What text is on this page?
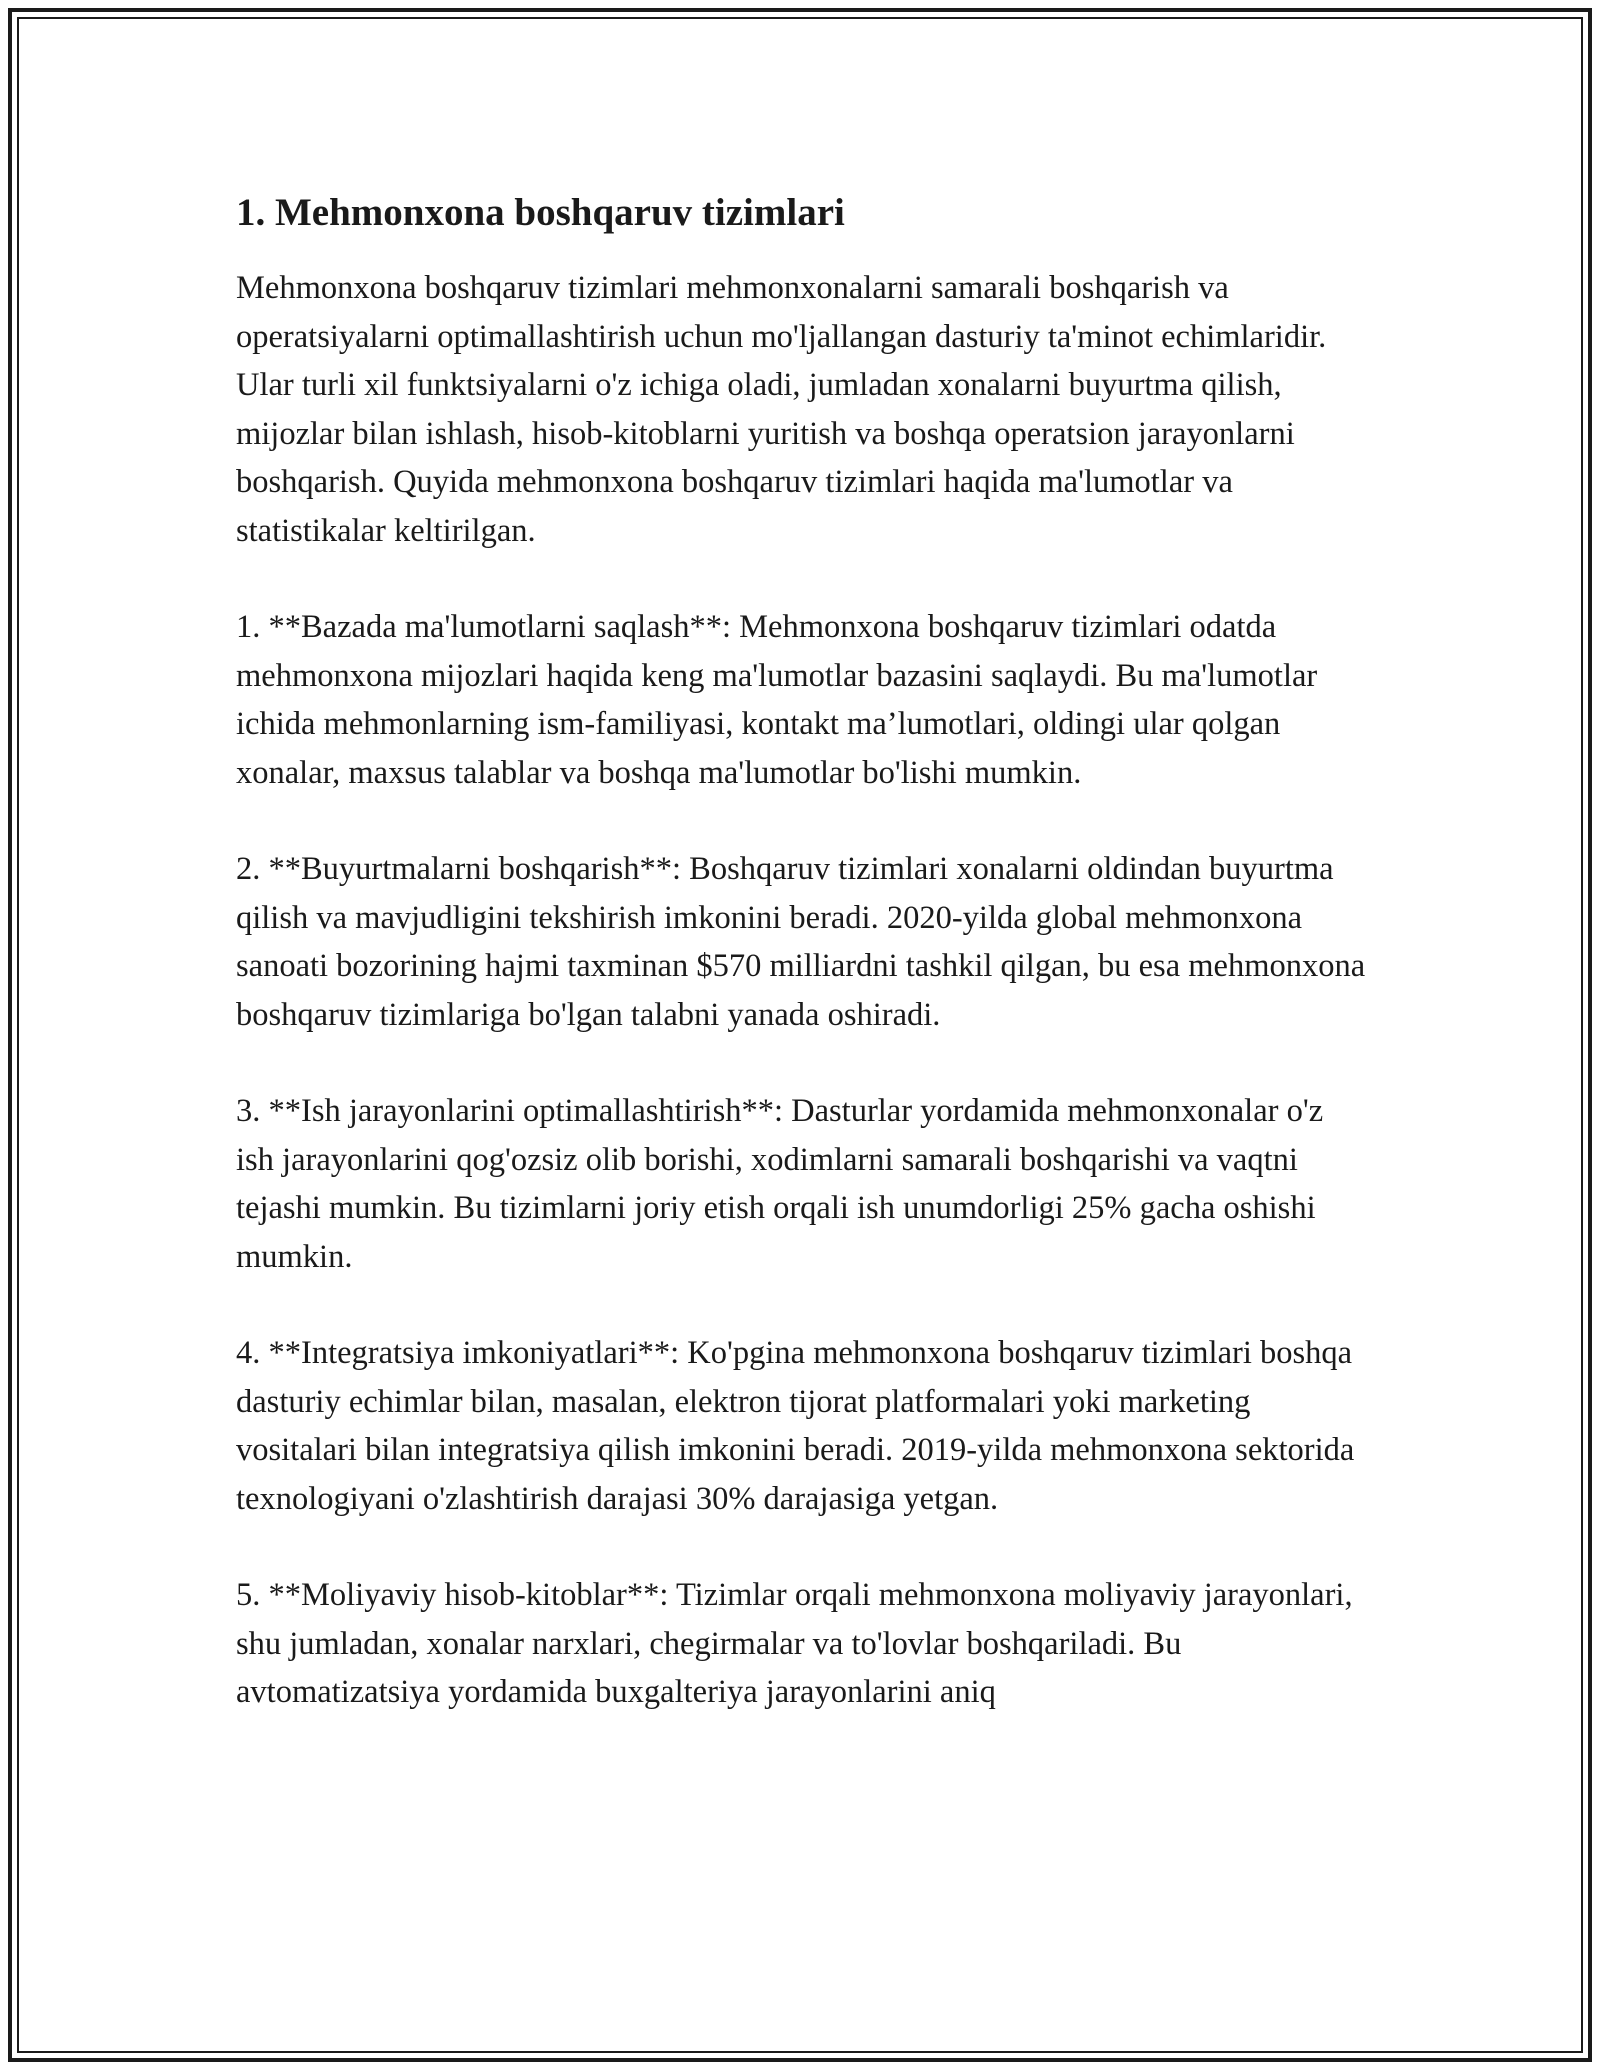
1. Mehmonxona boshqaruv tizimlari

Mehmonxona boshqaruv tizimlari mehmonxonalarni samarali boshqarish va operatsiyalarni optimallashtirish uchun mo'ljallangan dasturiy ta'minot echimlaridir. Ular turli xil funktsiyalarni o'z ichiga oladi, jumladan xonalarni buyurtma qilish, mijozlar bilan ishlash, hisob-kitoblarni yuritish va boshqa operatsion jarayonlarni boshqarish. Quyida mehmonxona boshqaruv tizimlari haqida ma'lumotlar va statistikalar keltirilgan.

1. **Bazada ma'lumotlarni saqlash**: Mehmonxona boshqaruv tizimlari odatda mehmonxona mijozlari haqida keng ma'lumotlar bazasini saqlaydi. Bu ma'lumotlar ichida mehmonlarning ism-familiyasi, kontakt ma’lumotlari, oldingi ular qolgan xonalar, maxsus talablar va boshqa ma'lumotlar bo'lishi mumkin.

2. **Buyurtmalarni boshqarish**: Boshqaruv tizimlari xonalarni oldindan buyurtma qilish va mavjudligini tekshirish imkonini beradi. 2020-yilda global mehmonxona sanoati bozorining hajmi taxminan $570 milliardni tashkil qilgan, bu esa mehmonxona boshqaruv tizimlariga bo'lgan talabni yanada oshiradi.

3. **Ish jarayonlarini optimallashtirish**: Dasturlar yordamida mehmonxonalar o'z ish jarayonlarini qog'ozsiz olib borishi, xodimlarni samarali boshqarishi va vaqtni tejashi mumkin. Bu tizimlarni joriy etish orqali ish unumdorligi 25% gacha oshishi mumkin.

4. **Integratsiya imkoniyatlari**: Ko'pgina mehmonxona boshqaruv tizimlari boshqa dasturiy echimlar bilan, masalan, elektron tijorat platformalari yoki marketing vositalari bilan integratsiya qilish imkonini beradi. 2019-yilda mehmonxona sektorida texnologiyani o'zlashtirish darajasi 30% darajasiga yetgan.

5. **Moliyaviy hisob-kitoblar**: Tizimlar orqali mehmonxona moliyaviy jarayonlari, shu jumladan, xonalar narxlari, chegirmalar va to'lovlar boshqariladi. Bu avtomatizatsiya yordamida buxgalteriya jarayonlarini aniq
